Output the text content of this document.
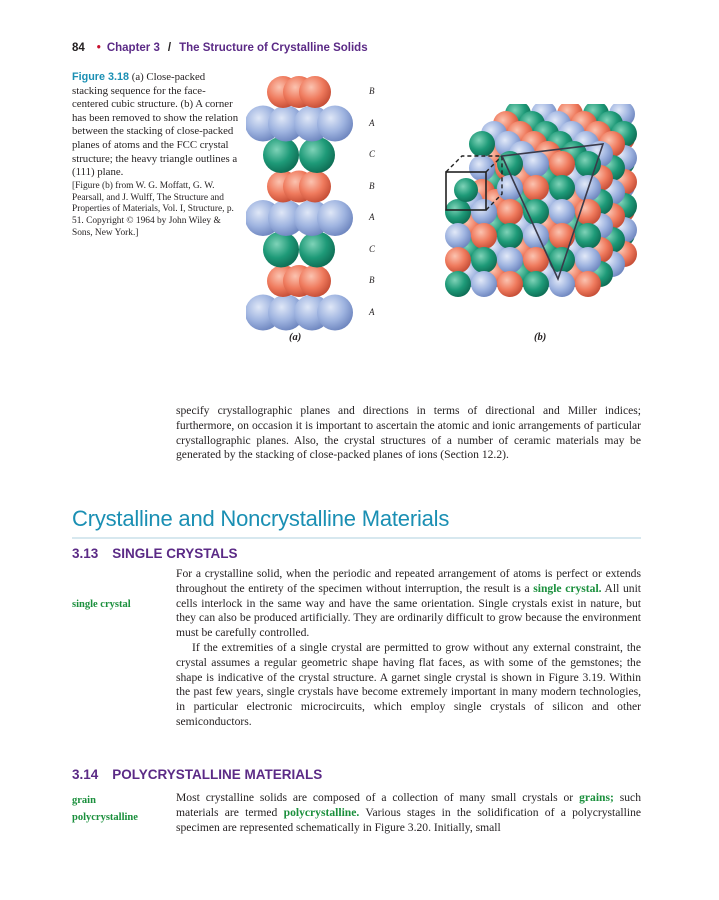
84 • Chapter 3 / The Structure of Crystalline Solids
Figure 3.18 (a) Close-packed stacking sequence for the face-centered cubic structure. (b) A corner has been removed to show the relation between the stacking of close-packed planes of atoms and the FCC crystal structure; the heavy triangle outlines a (111) plane.
[Figure (b) from W. G. Moffatt, G. W. Pearsall, and J. Wulff, The Structure and Properties of Materials, Vol. I, Structure, p. 51. Copyright © 1964 by John Wiley & Sons, New York.]
B
A
C
B
A
C
B
A
(a)	(b)

specify crystallographic planes and directions in terms of directional and Miller indices; furthermore, on occasion it is important to ascertain the atomic and ionic arrangements of particular crystallographic planes. Also, the crystal structures of a number of ceramic materials may be generated by the stacking of close-packed planes of ions (Section 12.2).

Crystalline and Noncrystalline Materials
3.13 SINGLE CRYSTALS
single crystal

For a crystalline solid, when the periodic and repeated arrangement of atoms is perfect or extends throughout the entirety of the specimen without interruption, the result is a single crystal. All unit cells interlock in the same way and have the same orientation. Single crystals exist in nature, but they can also be produced artificially. They are ordinarily difficult to grow because the environment must be carefully controlled.

If the extremities of a single crystal are permitted to grow without any external constraint, the crystal assumes a regular geometric shape having flat faces, as with some of the gemstones; the shape is indicative of the crystal structure. A garnet single crystal is shown in Figure 3.19. Within the past few years, single crystals have become extremely important in many modern technologies, in particular electronic microcircuits, which employ single crystals of silicon and other semiconductors.

3.14 POLYCRYSTALLINE MATERIALS
grain
polycrystalline

Most crystalline solids are composed of a collection of many small crystals or grains; such materials are termed polycrystalline. Various stages in the solidification of a polycrystalline specimen are represented schematically in Figure 3.20. Initially, small
